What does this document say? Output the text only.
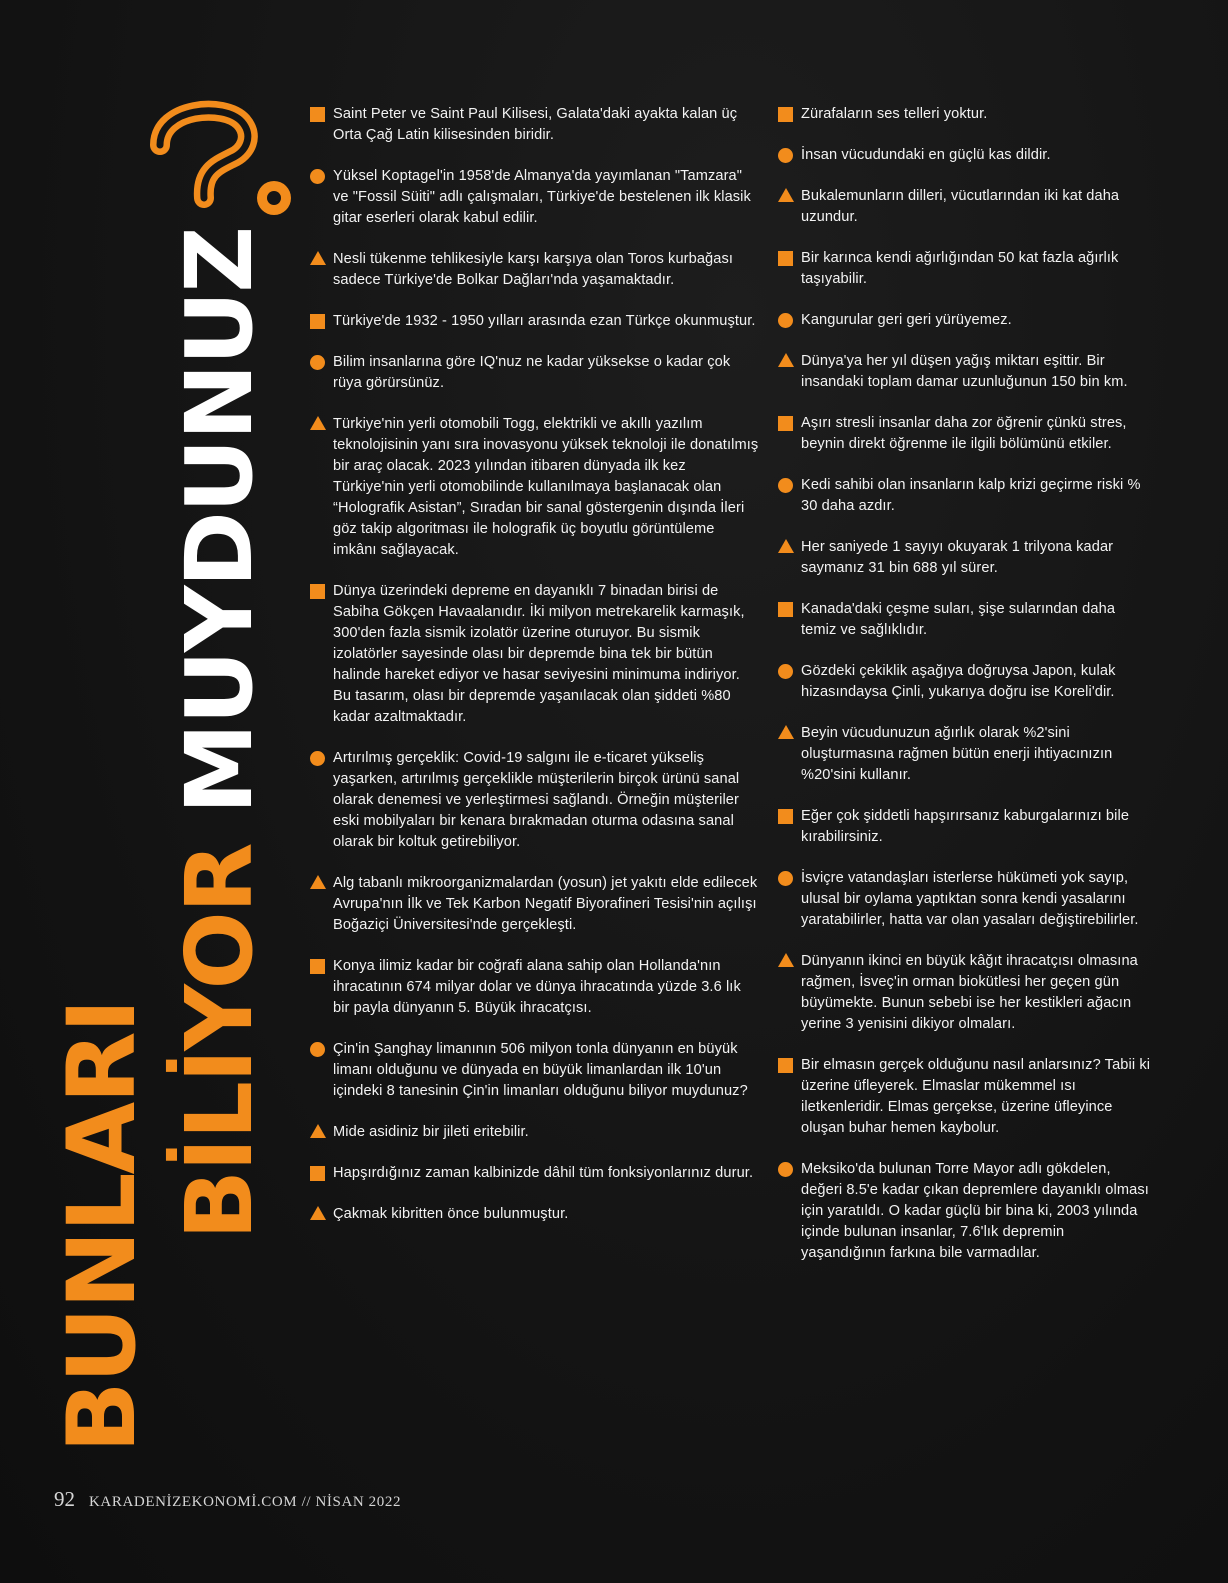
BUNLARI BİLİYOR MUYDUNUZ
Saint Peter ve Saint Paul Kilisesi, Galata'daki ayakta kalan üç Orta Çağ Latin kilisesinden biridir.
Yüksel Koptagel'in 1958'de Almanya'da yayımlanan "Tamzara" ve "Fossil Süiti" adlı çalışmaları, Türkiye'de bestelenen ilk klasik gitar eserleri olarak kabul edilir.
Nesli tükenme tehlikesiyle karşı karşıya olan Toros kurbağası sadece Türkiye'de Bolkar Dağları'nda yaşamaktadır.
Türkiye'de 1932 - 1950 yılları arasında ezan Türkçe okunmuştur.
Bilim insanlarına göre IQ'nuz ne kadar yüksekse o kadar çok rüya görürsünüz.
Türkiye'nin yerli otomobili Togg, elektrikli ve akıllı yazılım teknolojisinin yanı sıra inovasyonu yüksek teknoloji ile donatılmış bir araç olacak. 2023 yılından itibaren dünyada ilk kez Türkiye'nin yerli otomobilinde kullanılmaya başlanacak olan “Holografik Asistan”, Sıradan bir sanal göstergenin dışında İleri göz takip algoritması ile holografik üç boyutlu görüntüleme imkânı sağlayacak.
Dünya üzerindeki depreme en dayanıklı 7 binadan birisi de Sabiha Gökçen Havaalanıdır. İki milyon metrekarelik karmaşık, 300'den fazla sismik izolatör üzerine oturuyor. Bu sismik izolatörler sayesinde olası bir depremde bina tek bir bütün halinde hareket ediyor ve hasar seviyesini minimuma indiriyor. Bu tasarım, olası bir depremde yaşanılacak olan şiddeti %80 kadar azaltmaktadır.
Artırılmış gerçeklik: Covid-19 salgını ile e-ticaret yükseliş yaşarken, artırılmış gerçeklikle müşterilerin birçok ürünü sanal olarak denemesi ve yerleştirmesi sağlandı. Örneğin müşteriler eski mobilyaları bir kenara bırakmadan oturma odasına sanal olarak bir koltuk getirebiliyor.
Alg tabanlı mikroorganizmalardan (yosun) jet yakıtı elde edilecek Avrupa'nın İlk ve Tek Karbon Negatif Biyorafineri Tesisi'nin açılışı Boğaziçi Üniversitesi'nde gerçekleşti.
Konya ilimiz kadar bir coğrafi alana sahip olan Hollanda'nın ihracatının 674 milyar dolar ve dünya ihracatında yüzde 3.6 lık bir payla dünyanın 5. Büyük ihracatçısı.
Çin'in Şanghay limanının 506 milyon tonla dünyanın en büyük limanı olduğunu ve dünyada en büyük limanlardan ilk 10'un içindeki 8 tanesinin Çin'in limanları olduğunu biliyor muydunuz?
Mide asidiniz bir jileti eritebilir.
Hapşırdığınız zaman kalbinizde dâhil tüm fonksiyonlarınız durur.
Çakmak kibritten önce bulunmuştur.
Zürafaların ses telleri yoktur.
İnsan vücudundaki en güçlü kas dildir.
Bukalemunların dilleri, vücutlarından iki kat daha uzundur.
Bir karınca kendi ağırlığından 50 kat fazla ağırlık taşıyabilir.
Kangurular geri geri yürüyemez.
Dünya'ya her yıl düşen yağış miktarı eşittir. Bir insandaki toplam damar uzunluğunun 150 bin km.
Aşırı stresli insanlar daha zor öğrenir çünkü stres, beynin direkt öğrenme ile ilgili bölümünü etkiler.
Kedi sahibi olan insanların kalp krizi geçirme riski % 30 daha azdır.
Her saniyede 1 sayıyı okuyarak 1 trilyona kadar saymanız 31 bin 688 yıl sürer.
Kanada'daki çeşme suları, şişe sularından daha temiz ve sağlıklıdır.
Gözdeki çekiklik aşağıya doğruysa Japon, kulak hizasındaysa Çinli, yukarıya doğru ise Koreli'dir.
Beyin vücudunuzun ağırlık olarak %2'sini oluşturmasına rağmen bütün enerji ihtiyacınızın %20'sini kullanır.
Eğer çok şiddetli hapşırırsanız kaburgalarınızı bile kırabilirsiniz.
İsviçre vatandaşları isterlerse hükümeti yok sayıp, ulusal bir oylama yaptıktan sonra kendi yasalarını yaratabilirler, hatta var olan yasaları değiştirebilirler.
Dünyanın ikinci en büyük kâğıt ihracatçısı olmasına rağmen, İsveç'in orman biokütlesi her geçen gün büyümekte. Bunun sebebi ise her kestikleri ağacın yerine 3 yenisini dikiyor olmaları.
Bir elmasın gerçek olduğunu nasıl anlarsınız? Tabii ki üzerine üfleyerek. Elmaslar mükemmel ısı iletkenleridir. Elmas gerçekse, üzerine üfleyince oluşan buhar hemen kaybolur.
Meksiko'da bulunan Torre Mayor adlı gökdelen, değeri 8.5'e kadar çıkan depremlere dayanıklı olması için yaratıldı. O kadar güçlü bir bina ki, 2003 yılında içinde bulunan insanlar, 7.6'lık depremin yaşandığının farkına bile varmadılar.
92 KARADENİZEKONOMİ.COM // NİSAN 2022
